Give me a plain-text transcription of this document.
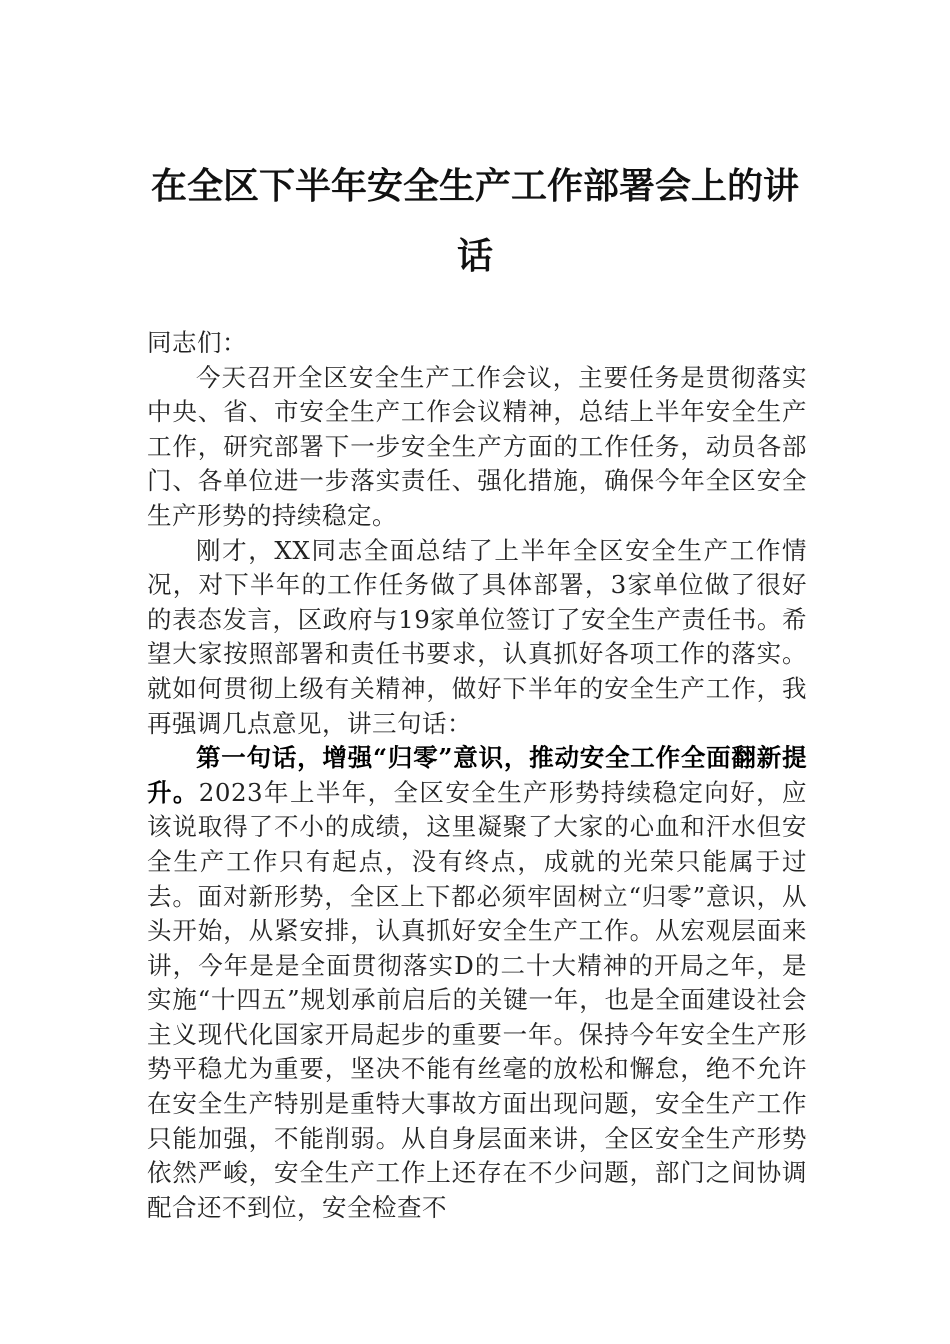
在全区下半年安全生产工作部署会上的讲
话

同志们：

今天召开全区安全生产工作会议，主要任务是贯彻落实中央、省、市安全生产工作会议精神，总结上半年安全生产工作，研究部署下一步安全生产方面的工作任务，动员各部门、各单位进一步落实责任、强化措施，确保今年全区安全生产形势的持续稳定。

刚才，XX同志全面总结了上半年全区安全生产工作情况，对下半年的工作任务做了具体部署，3家单位做了很好的表态发言，区政府与19家单位签订了安全生产责任书。希望大家按照部署和责任书要求，认真抓好各项工作的落实。就如何贯彻上级有关精神，做好下半年的安全生产工作，我再强调几点意见，讲三句话：

第一句话，增强“归零”意识，推动安全工作全面翻新提升。2023年上半年，全区安全生产形势持续稳定向好，应该说取得了不小的成绩，这里凝聚了大家的心血和汗水但安全生产工作只有起点，没有终点，成就的光荣只能属于过去。面对新形势，全区上下都必须牢固树立“归零”意识，从头开始，从紧安排，认真抓好安全生产工作。从宏观层面来讲，今年是是全面贯彻落实D的二十大精神的开局之年，是实施“十四五”规划承前启后的关键一年，也是全面建设社会主义现代化国家开局起步的重要一年。保持今年安全生产形势平稳尤为重要，坚决不能有丝毫的放松和懈怠，绝不允许在安全生产特别是重特大事故方面出现问题，安全生产工作只能加强，不能削弱。从自身层面来讲，全区安全生产形势依然严峻，安全生产工作上还存在不少问题，部门之间协调配合还不到位，安全检查不
